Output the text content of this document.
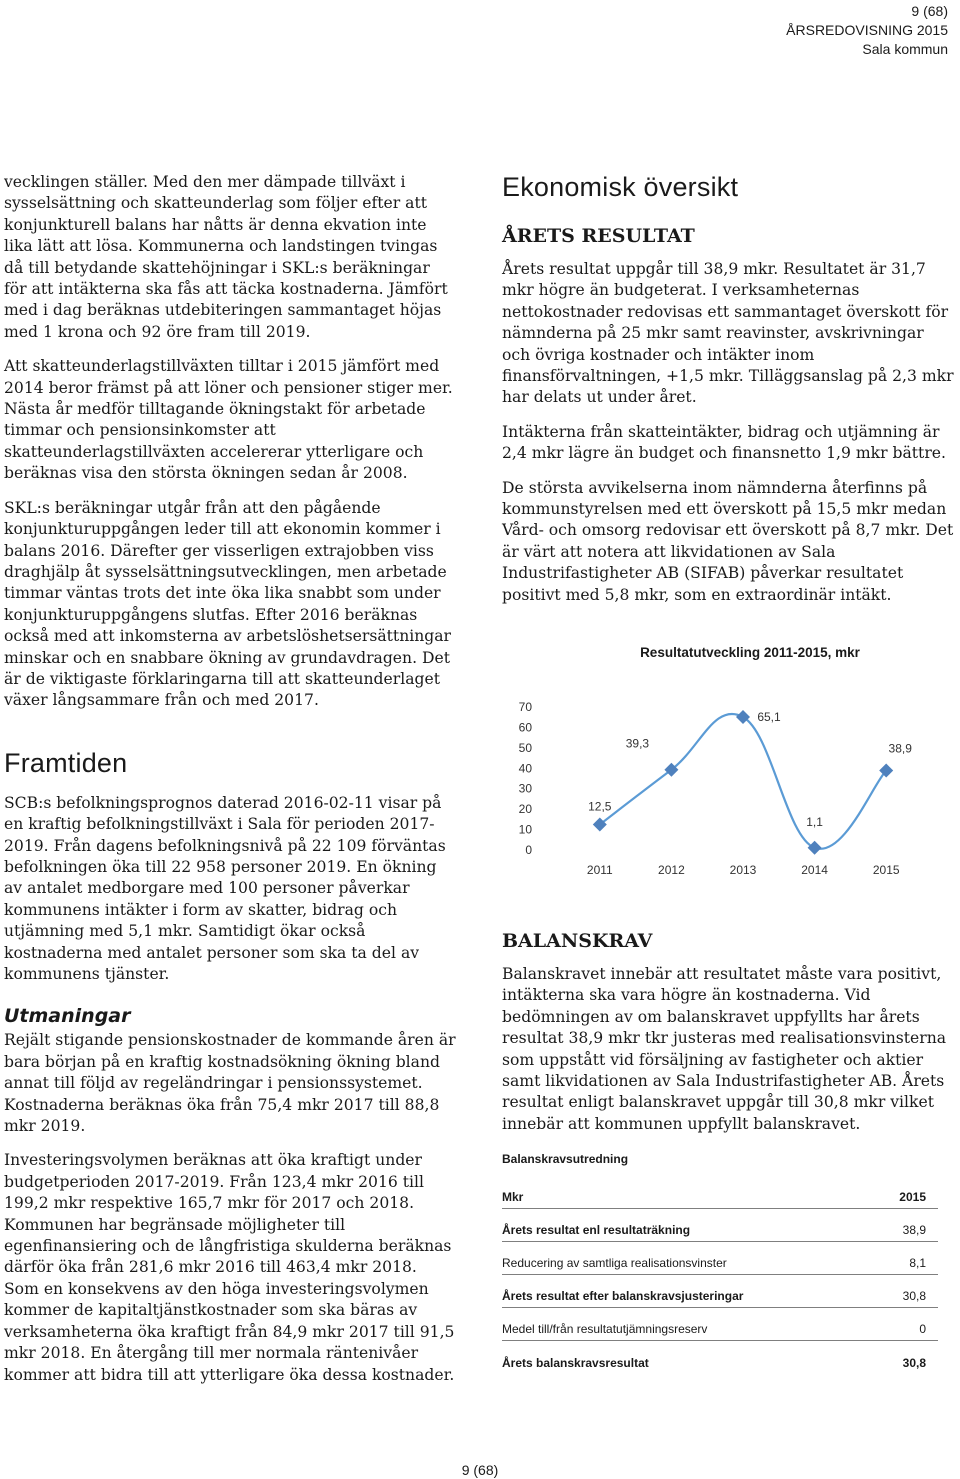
9 (68)
ÅRSREDOVISNING 2015
Sala kommun

vecklingen ställer. Med den mer dämpade tillväxt i sysselsättning och skatteunderlag som följer efter att konjunkturell balans har nåtts är denna ekvation inte lika lätt att lösa. Kommunerna och landstingen tvingas då till betydande skattehöjningar i SKL:s beräkningar för att intäkterna ska fås att täcka kostnaderna. Jämfört med i dag beräknas utdebiteringen sammantaget höjas med 1 krona och 92 öre fram till 2019.

Att skatteunderlagstillväxten tilltar i 2015 jämfört med 2014 beror främst på att löner och pensioner stiger mer. Nästa år medför tilltagande ökningstakt för arbetade timmar och pensionsinkomster att skatteunderlagstillväxten accelererar ytterligare och beräknas visa den största ökningen sedan år 2008.

SKL:s beräkningar utgår från att den pågående konjunkturuppgången leder till att ekonomin kommer i balans 2016. Därefter ger visserligen extrajobben viss draghjälp åt sysselsättningsutvecklingen, men arbetade timmar väntas trots det inte öka lika snabbt som under konjunkturuppgångens slutfas. Efter 2016 beräknas också med att inkomsterna av arbetslöshetsersättningar minskar och en snabbare ökning av grundavdragen. Det är de viktigaste förklaringarna till att skatteunderlaget växer långsammare från och med 2017.

Framtiden

SCB:s befolkningsprognos daterad 2016-02-11 visar på en kraftig befolkningstillväxt i Sala för perioden 2017-2019. Från dagens befolkningsnivå på 22 109 förväntas befolkningen öka till 22 958 personer 2019. En ökning av antalet medborgare med 100 personer påverkar kommunens intäkter i form av skatter, bidrag och utjämning med 5,1 mkr. Samtidigt ökar också kostnaderna med antalet personer som ska ta del av kommunens tjänster.

Utmaningar

Rejält stigande pensionskostnader de kommande åren är bara början på en kraftig kostnadsökning ökning bland annat till följd av regeländringar i pensionssystemet. Kostnaderna beräknas öka från 75,4 mkr 2017 till 88,8 mkr 2019.

Investeringsvolymen beräknas att öka kraftigt under budgetperioden 2017-2019. Från 123,4 mkr 2016 till 199,2 mkr respektive 165,7 mkr för 2017 och 2018. Kommunen har begränsade möjligheter till egenfinansiering och de långfristiga skulderna beräknas därför öka från 281,6 mkr 2016 till 463,4 mkr 2018. Som en konsekvens av den höga investeringsvolymen kommer de kapitaltjänstkostnader som ska bäras av verksamheterna öka kraftigt från 84,9 mkr 2017 till 91,5 mkr 2018. En återgång till mer normala räntenivåer kommer att bidra till att ytterligare öka dessa kostnader.

Ekonomisk översikt
ÅRETS RESULTAT

Årets resultat uppgår till 38,9 mkr. Resultatet är 31,7 mkr högre än budgeterat. I verksamheternas nettokostnader redovisas ett sammantaget överskott för nämnderna på 25 mkr samt reavinster, avskrivningar och övriga kostnader och intäkter inom finansförvaltningen, +1,5 mkr. Tilläggsanslag på 2,3 mkr har delats ut under året.

Intäkterna från skatteintäkter, bidrag och utjämning är 2,4 mkr lägre än budget och finansnetto 1,9 mkr bättre.

De största avvikelserna inom nämnderna återfinns på kommunstyrelsen med ett överskott på 15,5 mkr medan Vård- och omsorg redovisar ett överskott på 8,7 mkr. Det är värt att notera att likvidationen av Sala Industrifastigheter AB (SIFAB) påverkar resultatet positivt med 5,8 mkr, som en extraordinär intäkt.

Resultatutveckling 2011-2015, mkr
0
10
20
30
40
50
60
70
2011	2012	2013	2014	2015
12,5
39,3
65,1
1,1
38,9
BALANSKRAV

Balanskravet innebär att resultatet måste vara positivt, intäkterna ska vara högre än kostnaderna. Vid bedömningen av om balanskravet uppfyllts har årets resultat 38,9 mkr tkr justeras med realisationsvinsterna som uppstått vid försäljning av fastigheter och aktier samt likvidationen av Sala Industrifastigheter AB. Årets resultat enligt balanskravet uppgår till 30,8 mkr vilket innebär att kommunen uppfyllt balanskravet.

Balanskravsutredning
Mkr	2015
Årets resultat enl resultaträkning	38,9
Reducering av samtliga realisationsvinster	8,1
Årets resultat efter balanskravsjusteringar	30,8
Medel till/från resultatutjämningsreserv	0
Årets balanskravsresultat	30,8
9 (68)
